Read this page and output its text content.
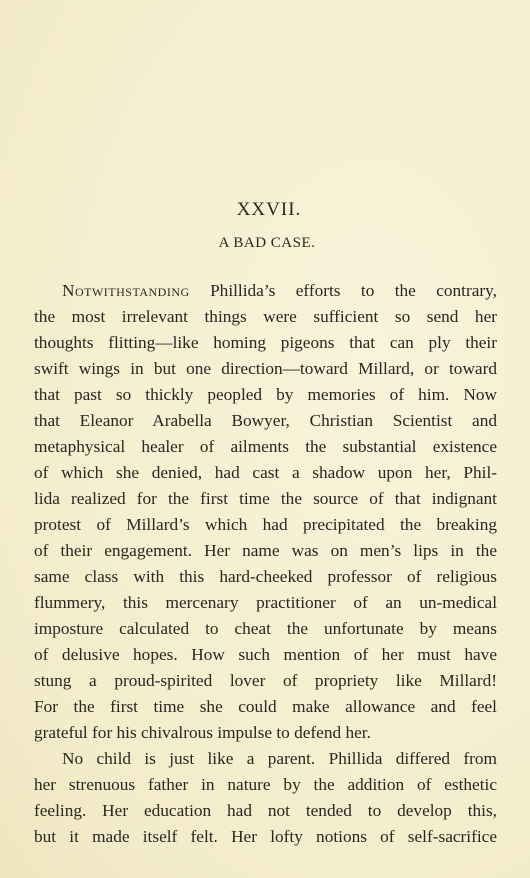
XXVII.
A BAD CASE.
Notwithstanding Phillida’s efforts to the contrary,
the most irrelevant things were sufficient so send her
thoughts flitting—like homing pigeons that can ply their
swift wings in but one direction—toward Millard, or toward
that past so thickly peopled by memories of him. Now
that Eleanor Arabella Bowyer, Christian Scientist and
metaphysical healer of ailments the substantial existence
of which she denied, had cast a shadow upon her, Phil-
lida realized for the first time the source of that indignant
protest of Millard’s which had precipitated the breaking
of their engagement. Her name was on men’s lips in the
same class with this hard-cheeked professor of religious
flummery, this mercenary practitioner of an un-medical
imposture calculated to cheat the unfortunate by means
of delusive hopes. How such mention of her must have
stung a proud-spirited lover of propriety like Millard!
For the first time she could make allowance and feel
grateful for his chivalrous impulse to defend her.
No child is just like a parent. Phillida differed from
her strenuous father in nature by the addition of esthetic
feeling. Her education had not tended to develop this,
but it made itself felt. Her lofty notions of self-sacrifice
